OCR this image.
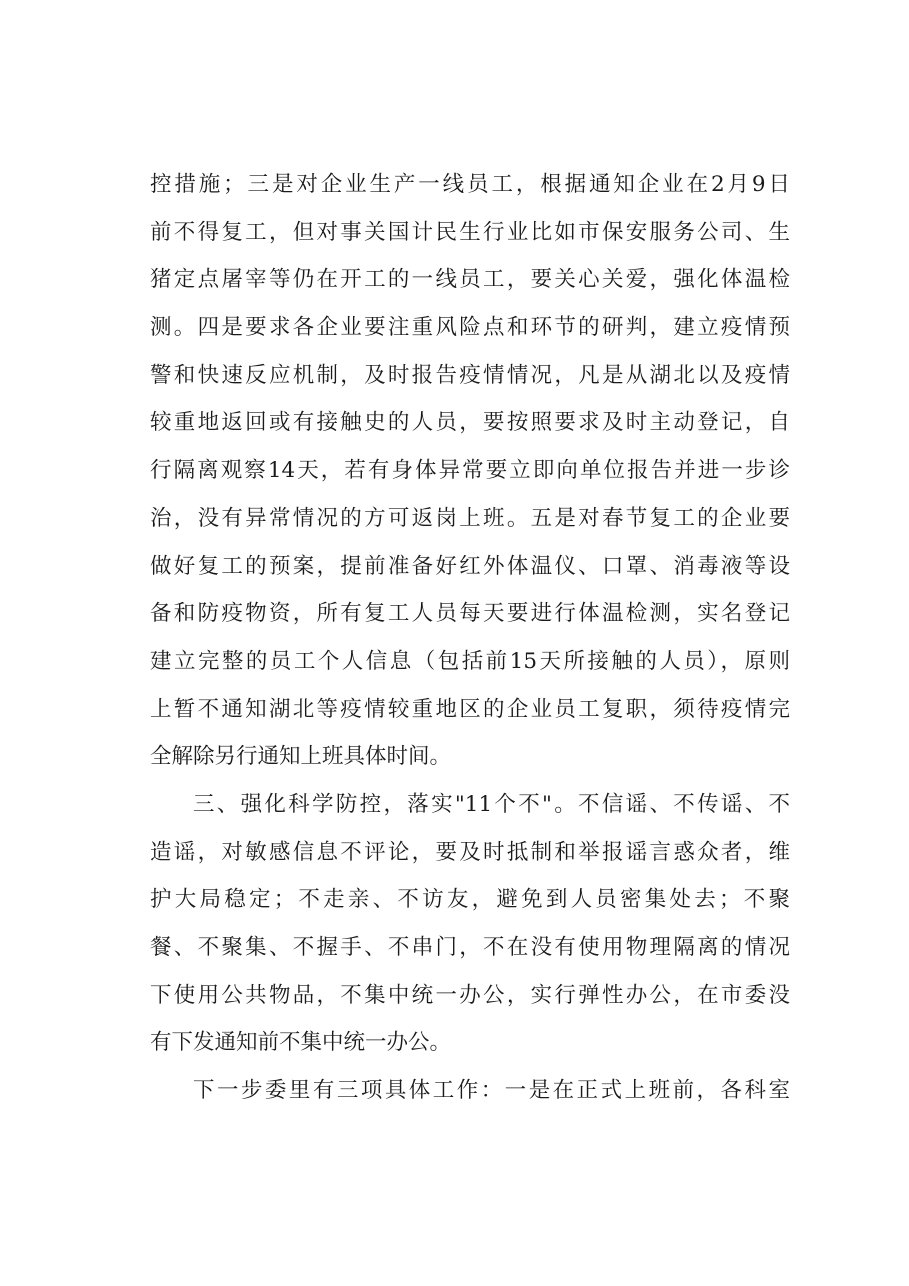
控措施；三是对企业生产一线员工，根据通知企业在2月9日
前不得复工，但对事关国计民生行业比如市保安服务公司、生
猪定点屠宰等仍在开工的一线员工，要关心关爱，强化体温检
测。四是要求各企业要注重风险点和环节的研判，建立疫情预
警和快速反应机制，及时报告疫情情况，凡是从湖北以及疫情
较重地返回或有接触史的人员，要按照要求及时主动登记，自
行隔离观察14天，若有身体异常要立即向单位报告并进一步诊
治，没有异常情况的方可返岗上班。五是对春节复工的企业要
做好复工的预案，提前准备好红外体温仪、口罩、消毒液等设
备和防疫物资，所有复工人员每天要进行体温检测，实名登记
建立完整的员工个人信息（包括前15天所接触的人员），原则
上暂不通知湖北等疫情较重地区的企业员工复职，须待疫情完
全解除另行通知上班具体时间。
三、强化科学防控，落实"11个不"。不信谣、不传谣、不
造谣，对敏感信息不评论，要及时抵制和举报谣言惑众者，维
护大局稳定；不走亲、不访友，避免到人员密集处去；不聚
餐、不聚集、不握手、不串门，不在没有使用物理隔离的情况
下使用公共物品，不集中统一办公，实行弹性办公，在市委没
有下发通知前不集中统一办公。
下一步委里有三项具体工作：一是在正式上班前，各科室
